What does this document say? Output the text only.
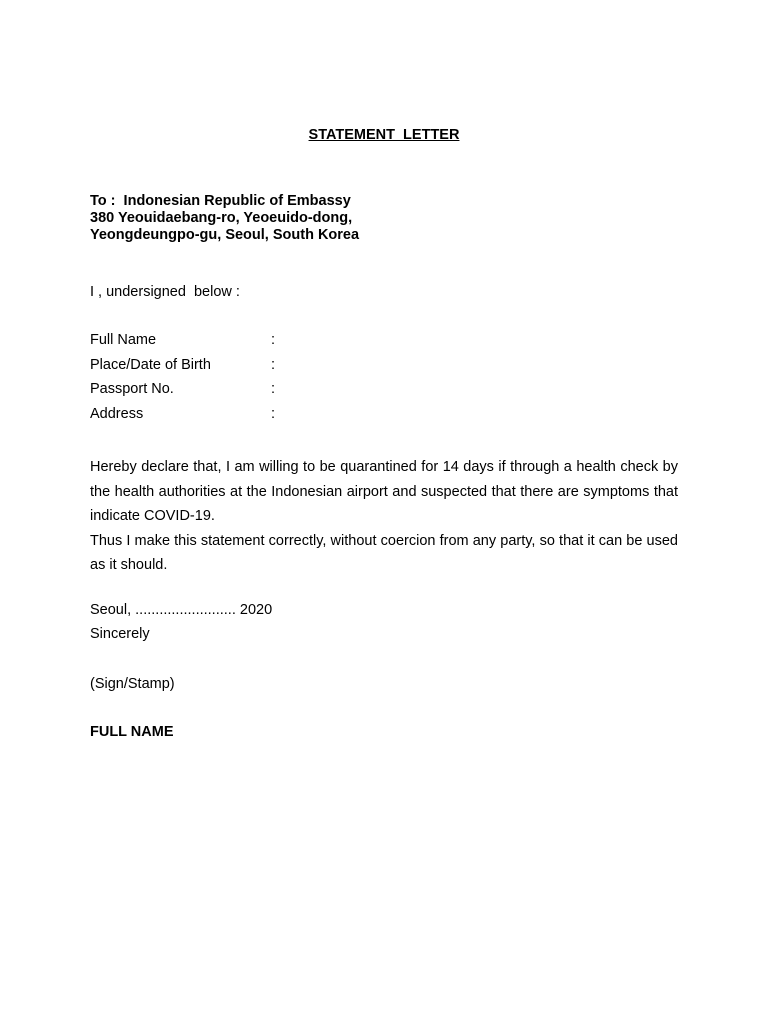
STATEMENT  LETTER
To :  Indonesian Republic of Embassy
380 Yeouidaebang-ro, Yeoeuido-dong,
Yeongdeungpo-gu, Seoul, South Korea
I , undersigned  below :
Full Name	:
Place/Date of Birth	:
Passport No.	:
Address	:

Hereby declare that, I am willing to be quarantined for 14 days if through a health check by the health authorities at the Indonesian airport and suspected that there are symptoms that indicate COVID-19.

Thus I make this statement correctly, without coercion from any party, so that it can be used as it should.

Seoul, ......................... 2020
Sincerely
(Sign/Stamp)
FULL NAME
